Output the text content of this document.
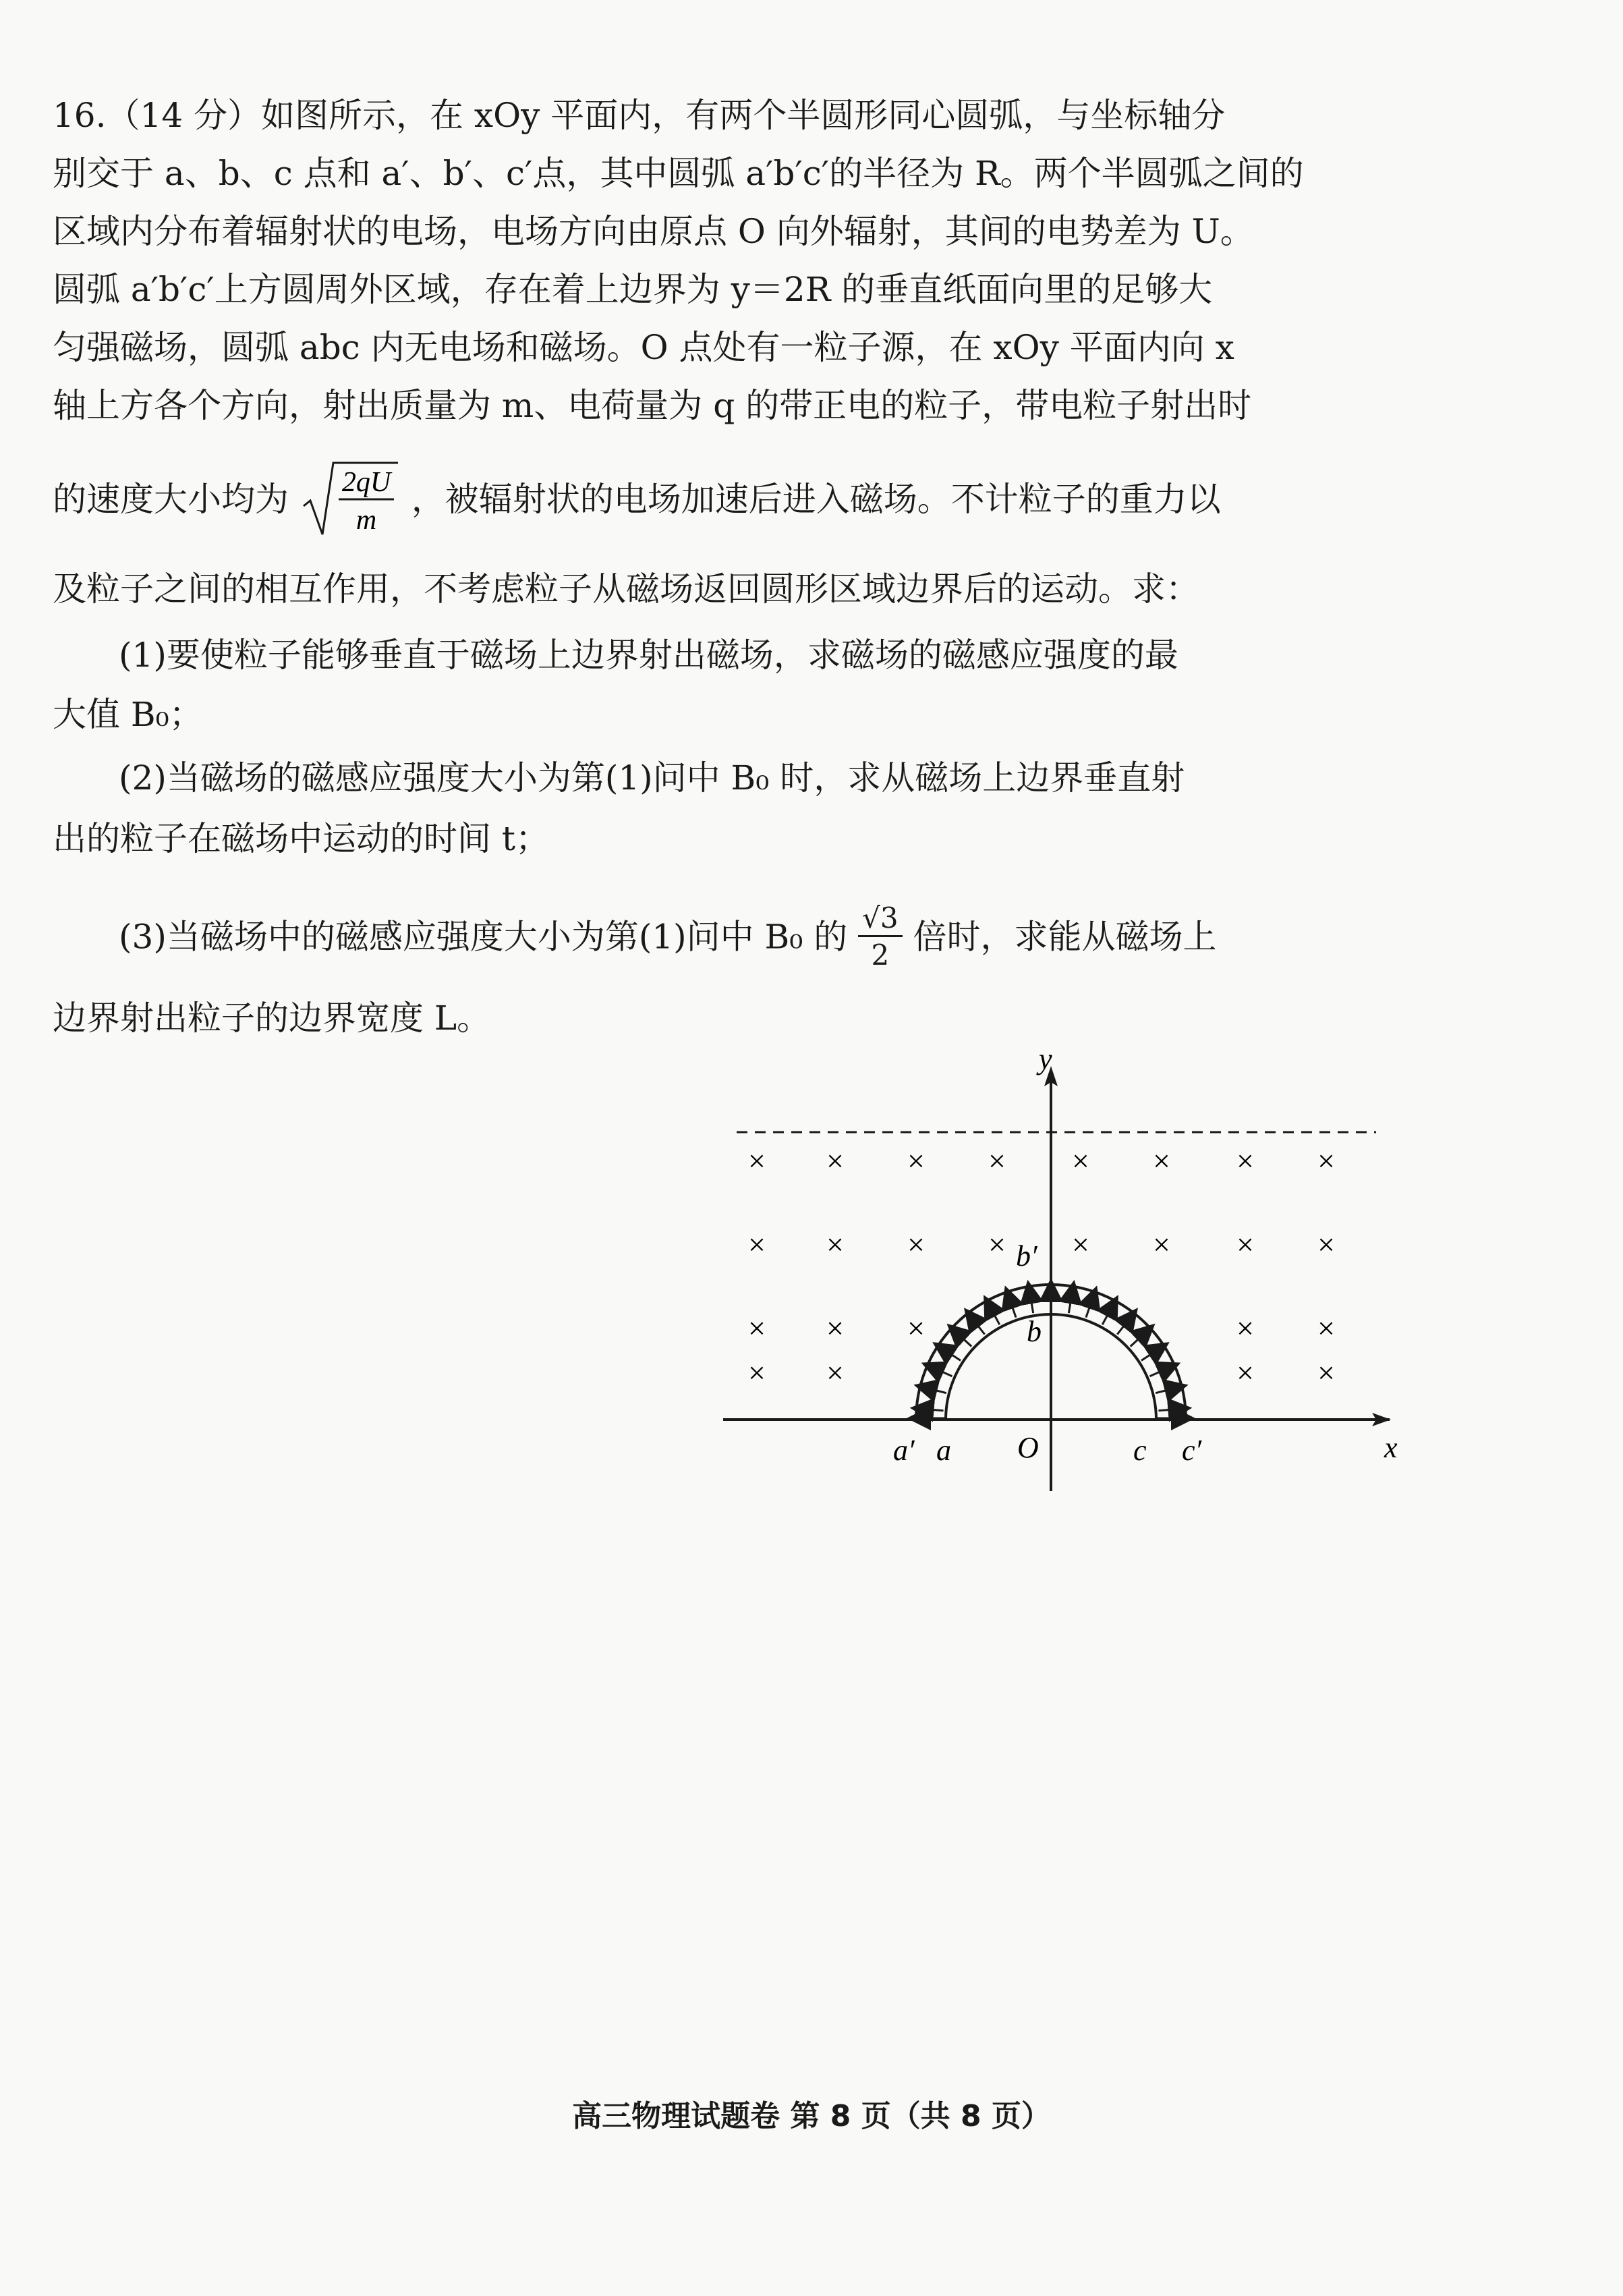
16.（14 分）如图所示，在 xOy 平面内，有两个半圆形同心圆弧，与坐标轴分
别交于 a、b、c 点和 a′、b′、c′点，其中圆弧 a′b′c′的半径为 R。两个半圆弧之间的
区域内分布着辐射状的电场，电场方向由原点 O 向外辐射，其间的电势差为 U。
圆弧 a′b′c′上方圆周外区域，存在着上边界为 y＝2R 的垂直纸面向里的足够大
匀强磁场，圆弧 abc 内无电场和磁场。O 点处有一粒子源，在 xOy 平面内向 x
轴上方各个方向，射出质量为 m、电荷量为 q 的带正电的粒子，带电粒子射出时
的速度大小均为 2qU
m
，被辐射状的电场加速后进入磁场。不计粒子的重力以
及粒子之间的相互作用，不考虑粒子从磁场返回圆形区域边界后的运动。求：
(1)要使粒子能够垂直于磁场上边界射出磁场，求磁场的磁感应强度的最
大值 B₀；
(2)当磁场的磁感应强度大小为第(1)问中 B₀ 时，求从磁场上边界垂直射
出的粒子在磁场中运动的时间 t；
(3)当磁场中的磁感应强度大小为第(1)问中 B₀ 的 $\frac{√3}{2}$ 倍时，求能从磁场上
边界射出粒子的边界宽度 L。
× × × × × × × ×
× × × × × × × ×
× × ×	× ×
× ×	× ×
y
x
O
a′ a
b′
b
c c′
高三物理试题卷 第 8 页（共 8 页）
